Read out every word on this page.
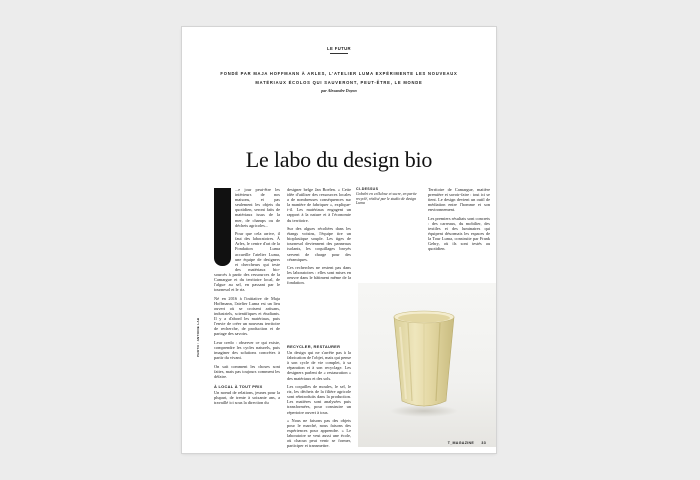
LE FUTUR
FONDÉ PAR MAJA HOFFMANN À ARLES, L'ATELIER LUMA EXPÉRIMENTE LES NOUVEAUX MATÉRIAUX ÉCOLOS QUI SAUVERONT, PEUT-ÊTRE, LE MONDE
par Alexandre Doyon
Le labo du design bio
PHOTO : ANTOINE LAB

...e jour peut-être les intérieurs de nos maisons, et pas seulement les objets du quotidien, seront faits de matériaux issus de la mer, de champs ou de déchets agricoles...

Pour que cela arrive, il faut des laboratoires. À Arles, le centre d'art de la Fondation Luma accueille l'atelier Luma, une équipe de designers et chercheurs qui teste des matériaux bio-sourcés à partir des ressources de la Camargue et du territoire local, de l'algue au sel, en passant par le tournesol et le riz.

Né en 2016 à l'initiative de Maja Hoffmann, l'atelier Luma est un lieu ouvert où se croisent artisans, industriels, scientifiques et étudiants. Il y a d'abord les matériaux, puis l'envie de créer un nouveau territoire de recherche, de production et de partage des savoirs.

Leur credo : observer ce qui existe, comprendre les cycles naturels, puis imaginer des solutions concrètes à partir du vivant.

On sait comment les choses sont faites, mais pas toujours comment les défaire.

À LOCAL À TOUT PRIX

Un noeud de relations, jeunes pour la plupart, de trente à soixante ans, a travaillé ici sous la direction du

designer belge Jan Boelen. « Cette idée d'utiliser des ressources locales a de nombreuses conséquences sur la manière de fabriquer », explique-t-il. Les matériaux engagent un rapport à la nature et à l'économie du territoire.

Sur des algues récoltées dans les étangs voisins, l'équipe tire un bioplastique souple. Les tiges de tournesol deviennent des panneaux isolants, les coquillages broyés servent de charge pour des céramiques.

Ces recherches ne restent pas dans les laboratoires : elles sont mises en oeuvre dans le bâtiment même de la fondation.

CI-DESSUS
Gobelet en cellulose et sucre, en partie recyclé, réalisé par le studio de design Luma
RECYCLER, RESTAURER

Un design qui ne s'arrête pas à la fabrication de l'objet, mais qui pense à son cycle de vie complet, à sa réparation et à son recyclage. Les designers parlent de « restauration » des matériaux et des sols.

Les coquilles de moules, le sel, le riz, les déchets de la filière agricole sont réintroduits dans la production. Les matières sont analysées puis transformées, pour construire un répertoire ouvert à tous.

« Nous ne faisons pas des objets pour le marché, nous faisons des expériences pour apprendre. » Le laboratoire se veut aussi une école, où chacun peut venir se former, participer et transmettre.

Territoire de Camargue, matière première et savoir-faire : tout ici se tient. Le design devient un outil de médiation entre l'homme et son environnement.

Les premiers résultats sont concrets : des carreaux, du mobilier, des textiles et des luminaires qui équipent désormais les espaces de la Tour Luma, construite par Frank Gehry, où ils sont testés au quotidien.

T_MAGAZINE 33
